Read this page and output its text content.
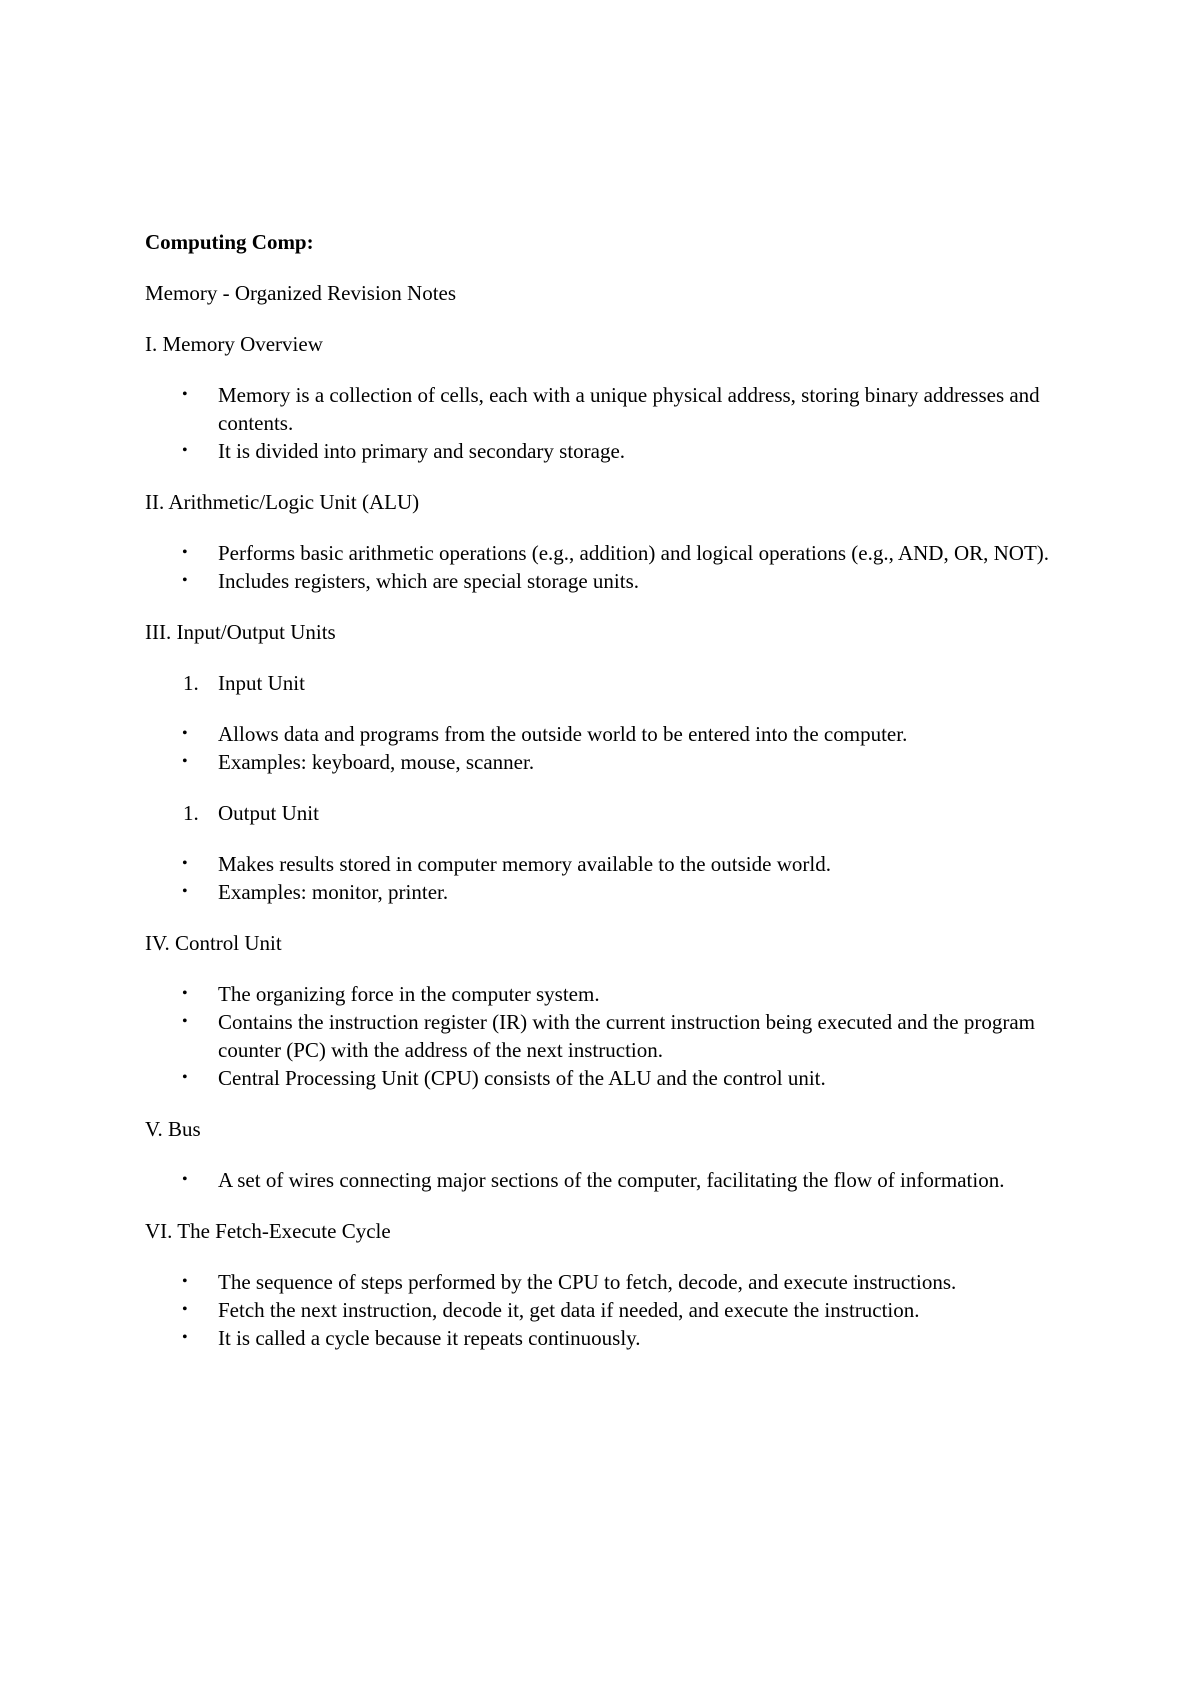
Computing Comp:
Memory - Organized Revision Notes
I. Memory Overview
• Memory is a collection of cells, each with a unique physical address, storing binary addresses and contents.
• It is divided into primary and secondary storage.
II. Arithmetic/Logic Unit (ALU)
• Performs basic arithmetic operations (e.g., addition) and logical operations (e.g., AND, OR, NOT).
• Includes registers, which are special storage units.
III. Input/Output Units
1. Input Unit
• Allows data and programs from the outside world to be entered into the computer.
• Examples: keyboard, mouse, scanner.
1. Output Unit
• Makes results stored in computer memory available to the outside world.
• Examples: monitor, printer.
IV. Control Unit
• The organizing force in the computer system.
• Contains the instruction register (IR) with the current instruction being executed and the program counter (PC) with the address of the next instruction.
• Central Processing Unit (CPU) consists of the ALU and the control unit.
V. Bus
• A set of wires connecting major sections of the computer, facilitating the flow of information.
VI. The Fetch-Execute Cycle
• The sequence of steps performed by the CPU to fetch, decode, and execute instructions.
• Fetch the next instruction, decode it, get data if needed, and execute the instruction.
• It is called a cycle because it repeats continuously.
